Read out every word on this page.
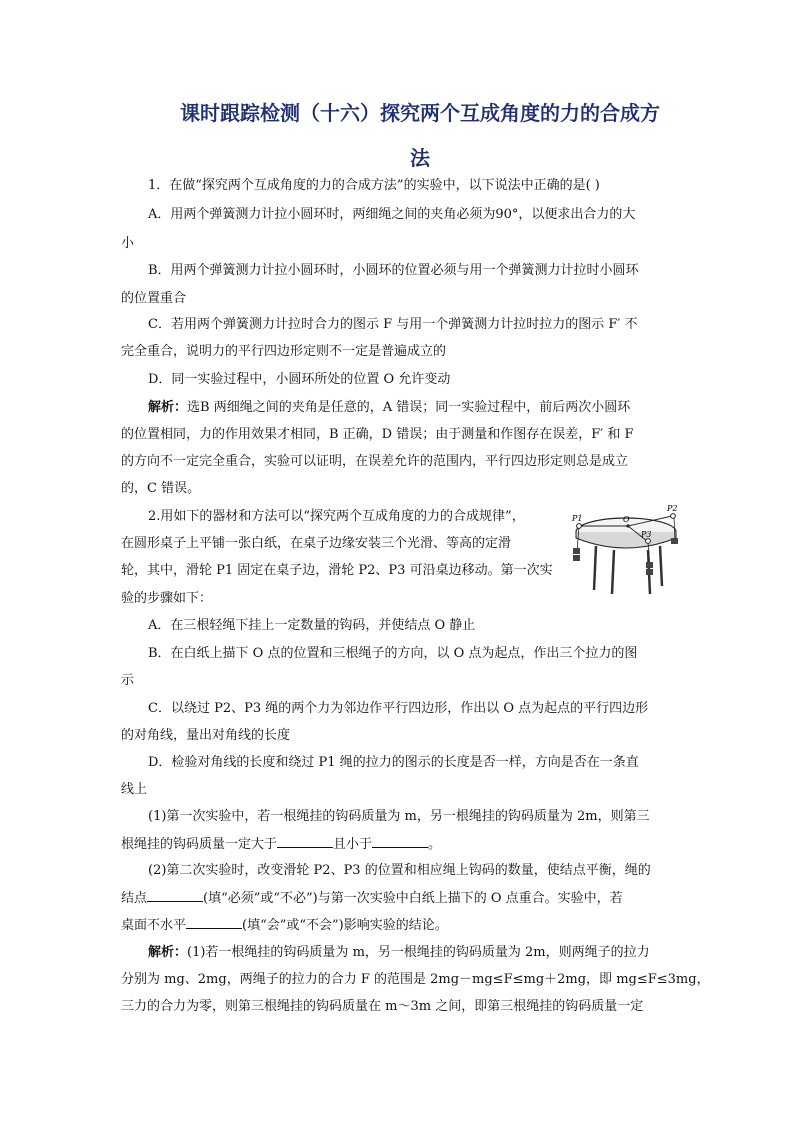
课时跟踪检测（十六）探究两个互成角度的力的合成方
法

1．在做“探究两个互成角度的力的合成方法”的实验中，以下说法中正确的是( )

A．用两个弹簧测力计拉小圆环时，两细绳之间的夹角必须为90°，以便求出合力的大

小

B．用两个弹簧测力计拉小圆环时，小圆环的位置必须与用一个弹簧测力计拉时小圆环

的位置重合

C．若用两个弹簧测力计拉时合力的图示 F 与用一个弹簧测力计拉时拉力的图示 F′ 不

完全重合，说明力的平行四边形定则不一定是普遍成立的

D．同一实验过程中，小圆环所处的位置 O 允许变动

解析：选B 两细绳之间的夹角是任意的，A 错误；同一实验过程中，前后两次小圆环

的位置相同，力的作用效果才相同，B 正确，D 错误；由于测量和作图存在误差，F′ 和 F

的方向不一定完全重合，实验可以证明，在误差允许的范围内，平行四边形定则总是成立

的，C 错误。

2.用如下的器材和方法可以“探究两个互成角度的力的合成规律”，

在圆形桌子上平铺一张白纸，在桌子边缘安装三个光滑、等高的定滑

轮，其中，滑轮 P1 固定在桌子边，滑轮 P2、P3 可沿桌边移动。第一次实

验的步骤如下：

P1
P2
P3
O

A．在三根轻绳下挂上一定数量的钩码，并使结点 O 静止

B．在白纸上描下 O 点的位置和三根绳子的方向，以 O 点为起点，作出三个拉力的图

示

C．以绕过 P2、P3 绳的两个力为邻边作平行四边形，作出以 O 点为起点的平行四边形

的对角线，量出对角线的长度

D．检验对角线的长度和绕过 P1 绳的拉力的图示的长度是否一样，方向是否在一条直

线上

(1)第一次实验中，若一根绳挂的钩码质量为 m，另一根绳挂的钩码质量为 2m，则第三

根绳挂的钩码质量一定大于	且小于	。

(2)第二次实验时，改变滑轮 P2、P3 的位置和相应绳上钩码的数量，使结点平衡，绳的

结点	(填“必须”或“不必”)与第一次实验中白纸上描下的 O 点重合。实验中，若

桌面不水平	(填“会”或“不会”)影响实验的结论。

解析：(1)若一根绳挂的钩码质量为 m，另一根绳挂的钩码质量为 2m，则两绳子的拉力

分别为 mg、2mg，两绳子的拉力的合力 F 的范围是 2mg－mg≤F≤mg＋2mg，即 mg≤F≤3mg，

三力的合力为零，则第三根绳挂的钩码质量在 m～3m 之间，即第三根绳挂的钩码质量一定
